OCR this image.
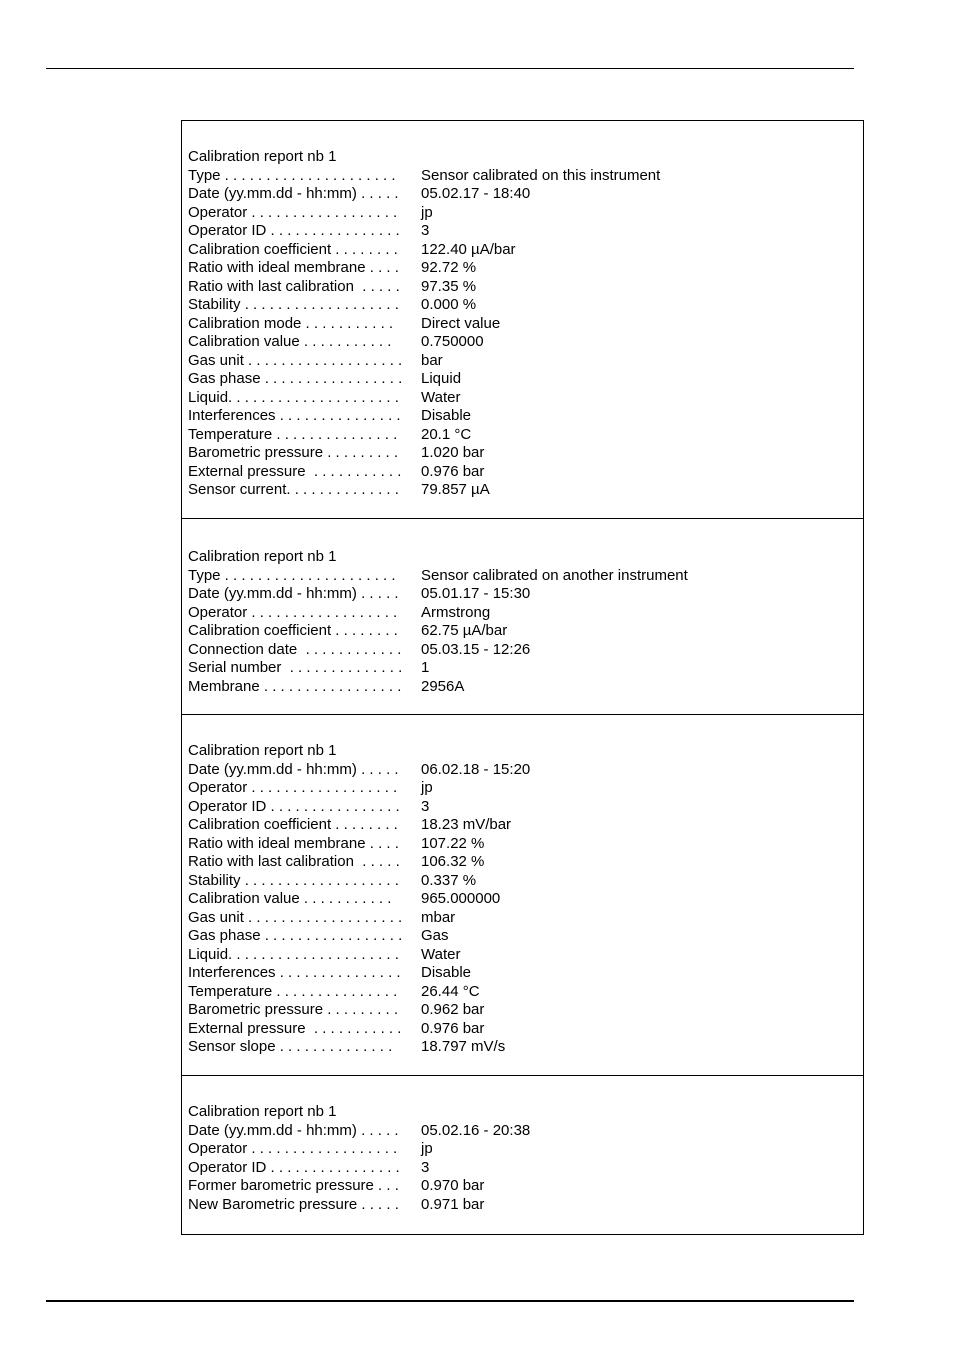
Calibration report nb 1
Type . . . . . . . . . . . . . . . . . . . . . Sensor calibrated on this instrument
Date (yy.mm.dd - hh:mm) . . . . . 05.02.17 - 18:40
Operator . . . . . . . . . . . . . . . . . . jp
Operator ID . . . . . . . . . . . . . . . . 3
Calibration coefficient . . . . . . . . 122.40 µA/bar
Ratio with ideal membrane . . . . 92.72 %
Ratio with last calibration  . . . . . 97.35 %
Stability . . . . . . . . . . . . . . . . . . . 0.000 %
Calibration mode . . . . . . . . . . . Direct value
Calibration value . . . . . . . . . . . 0.750000
Gas unit . . . . . . . . . . . . . . . . . . . bar
Gas phase . . . . . . . . . . . . . . . . . Liquid
Liquid. . . . . . . . . . . . . . . . . . . . . Water
Interferences . . . . . . . . . . . . . . . Disable
Temperature . . . . . . . . . . . . . . . 20.1 °C
Barometric pressure . . . . . . . . . 1.020 bar
External pressure  . . . . . . . . . . . 0.976 bar
Sensor current. . . . . . . . . . . . . . 79.857 µA
Calibration report nb 1
Type . . . . . . . . . . . . . . . . . . . . . Sensor calibrated on another instrument
Date (yy.mm.dd - hh:mm) . . . . . 05.01.17 - 15:30
Operator . . . . . . . . . . . . . . . . . . Armstrong
Calibration coefficient . . . . . . . . 62.75 µA/bar
Connection date  . . . . . . . . . . . . 05.03.15 - 12:26
Serial number  . . . . . . . . . . . . . . 1
Membrane . . . . . . . . . . . . . . . . . 2956A
Calibration report nb 1
Date (yy.mm.dd - hh:mm) . . . . . 06.02.18 - 15:20
Operator . . . . . . . . . . . . . . . . . . jp
Operator ID . . . . . . . . . . . . . . . . 3
Calibration coefficient . . . . . . . . 18.23 mV/bar
Ratio with ideal membrane . . . . 107.22 %
Ratio with last calibration  . . . . . 106.32 %
Stability . . . . . . . . . . . . . . . . . . . 0.337 %
Calibration value . . . . . . . . . . . 965.000000
Gas unit . . . . . . . . . . . . . . . . . . . mbar
Gas phase . . . . . . . . . . . . . . . . . Gas
Liquid. . . . . . . . . . . . . . . . . . . . . Water
Interferences . . . . . . . . . . . . . . . Disable
Temperature . . . . . . . . . . . . . . . 26.44 °C
Barometric pressure . . . . . . . . . 0.962 bar
External pressure  . . . . . . . . . . . 0.976 bar
Sensor slope . . . . . . . . . . . . . . 18.797 mV/s
Calibration report nb 1
Date (yy.mm.dd - hh:mm) . . . . . 05.02.16 - 20:38
Operator . . . . . . . . . . . . . . . . . . jp
Operator ID . . . . . . . . . . . . . . . . 3
Former barometric pressure . . . 0.970 bar
New Barometric pressure . . . . . 0.971 bar
